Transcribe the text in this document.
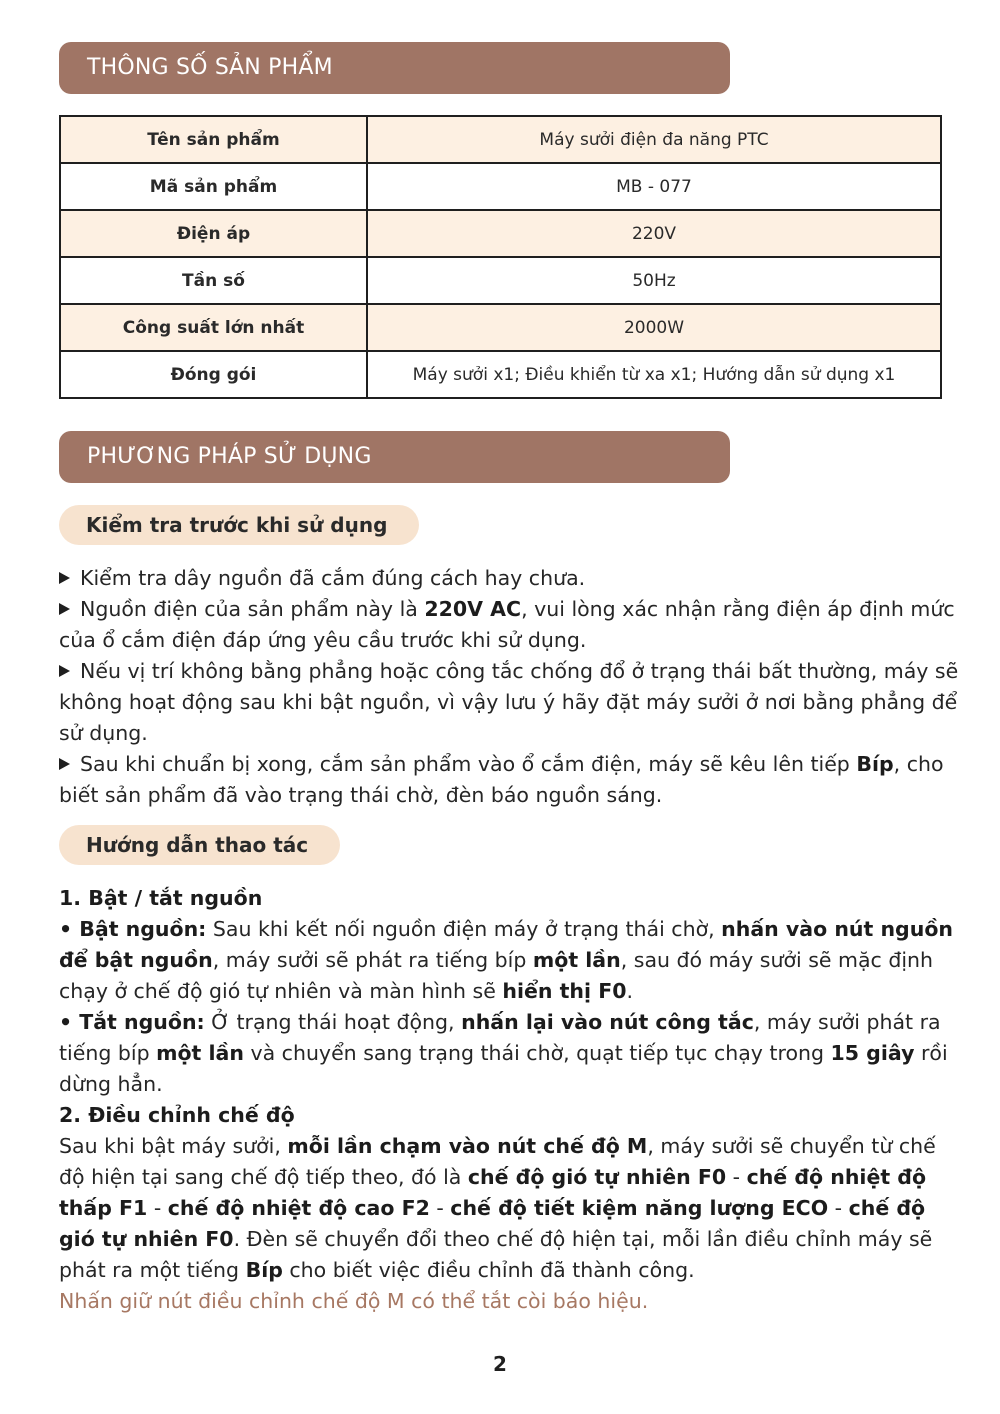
THÔNG SỐ SẢN PHẨM
Tên sản phẩm	Máy sưởi điện đa năng PTC
Mã sản phẩm	MB - 077
Điện áp	220V
Tần số	50Hz
Công suất lớn nhất	2000W
Đóng gói	Máy sưởi x1; Điều khiển từ xa x1; Hướng dẫn sử dụng x1
PHƯƠNG PHÁP SỬ DỤNG
Kiểm tra trước khi sử dụng

Kiểm tra dây nguồn đã cắm đúng cách hay chưa.

Nguồn điện của sản phẩm này là 220V AC, vui lòng xác nhận rằng điện áp định mức của ổ cắm điện đáp ứng yêu cầu trước khi sử dụng.

Nếu vị trí không bằng phẳng hoặc công tắc chống đổ ở trạng thái bất thường, máy sẽ không hoạt động sau khi bật nguồn, vì vậy lưu ý hãy đặt máy sưởi ở nơi bằng phẳng để sử dụng.

Sau khi chuẩn bị xong, cắm sản phẩm vào ổ cắm điện, máy sẽ kêu lên tiếp Bíp, cho biết sản phẩm đã vào trạng thái chờ, đèn báo nguồn sáng.

Hướng dẫn thao tác

1. Bật / tắt nguồn

• Bật nguồn: Sau khi kết nối nguồn điện máy ở trạng thái chờ, nhấn vào nút nguồn để bật nguồn, máy sưởi sẽ phát ra tiếng bíp một lần, sau đó máy sưởi sẽ mặc định chạy ở chế độ gió tự nhiên và màn hình sẽ hiển thị F0.

• Tắt nguồn: Ở trạng thái hoạt động, nhấn lại vào nút công tắc, máy sưởi phát ra tiếng bíp một lần và chuyển sang trạng thái chờ, quạt tiếp tục chạy trong 15 giây rồi dừng hẳn.

2. Điều chỉnh chế độ

Sau khi bật máy sưởi, mỗi lần chạm vào nút chế độ M, máy sưởi sẽ chuyển từ chế độ hiện tại sang chế độ tiếp theo, đó là chế độ gió tự nhiên F0 - chế độ nhiệt độ thấp F1 - chế độ nhiệt độ cao F2 - chế độ tiết kiệm năng lượng ECO - chế độ gió tự nhiên F0. Đèn sẽ chuyển đổi theo chế độ hiện tại, mỗi lần điều chỉnh máy sẽ phát ra một tiếng Bíp cho biết việc điều chỉnh đã thành công.

Nhấn giữ nút điều chỉnh chế độ M có thể tắt còi báo hiệu.

2
